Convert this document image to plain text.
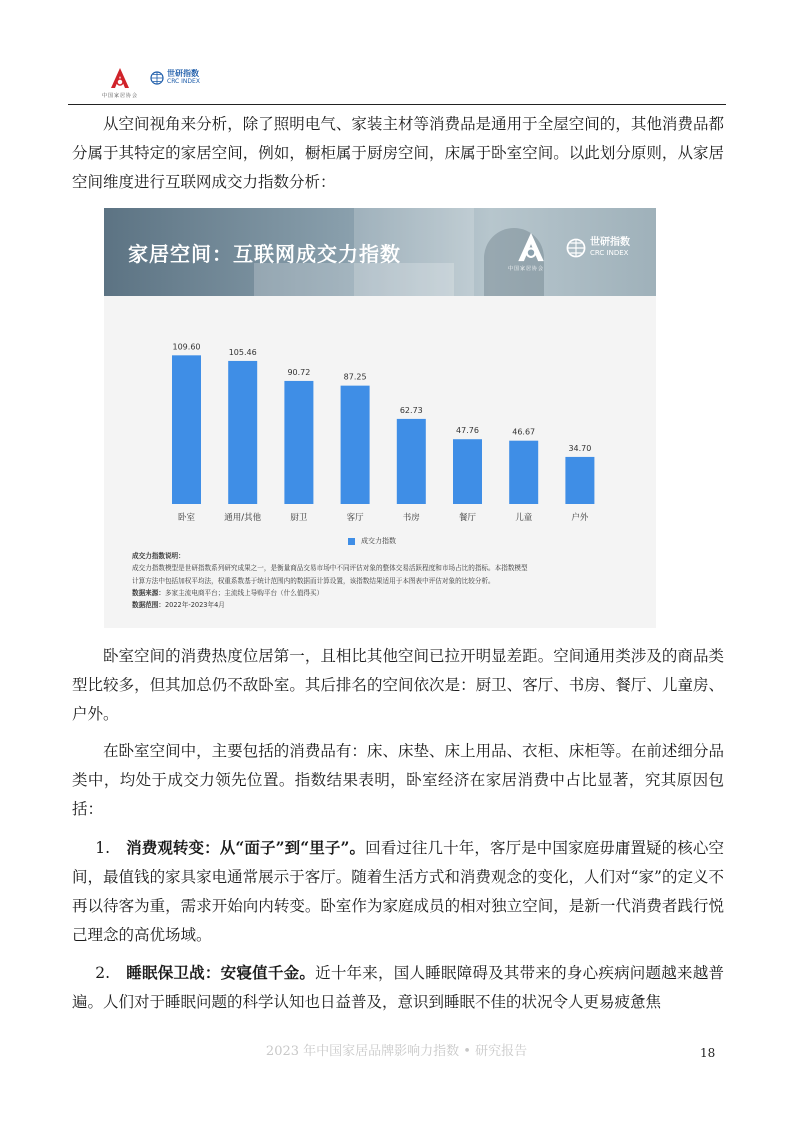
中国家居协会
世研指数
CRC INDEX

从空间视角来分析，除了照明电气、家装主材等消费品是通用于全屋空间的，其他消费品都分属于其特定的家居空间，例如，橱柜属于厨房空间，床属于卧室空间。以此划分原则，从家居空间维度进行互联网成交力指数分析：

家居空间：互联网成交力指数
中国家居协会
世研指数
CRC INDEX
109.60
卧室
105.46
通用/其他
90.72
厨卫
87.25
客厅
62.73
书房
47.76
餐厅
46.67
儿童
34.70
户外
成交力指数
成交力指数说明：
成交力指数模型是世研指数系列研究成果之一，是衡量商品交易市场中不同评估对象的整体交易活跃程度和市场占比的指标。本指数模型
计算方法中包括加权平均法，权重系数基于统计范围内的数据而计算设置，该指数结果适用于本图表中评估对象的比较分析。
数据来源：多家主流电商平台；主流线上导购平台（什么值得买）
数据范围：2022年-2023年4月

卧室空间的消费热度位居第一，且相比其他空间已拉开明显差距。空间通用类涉及的商品类型比较多，但其加总仍不敌卧室。其后排名的空间依次是：厨卫、客厅、书房、餐厅、儿童房、户外。

在卧室空间中，主要包括的消费品有：床、床垫、床上用品、衣柜、床柜等。在前述细分品类中，均处于成交力领先位置。指数结果表明，卧室经济在家居消费中占比显著，究其原因包括：

1. 消费观转变：从“面子”到“里子”。回看过往几十年，客厅是中国家庭毋庸置疑的核心空间，最值钱的家具家电通常展示于客厅。随着生活方式和消费观念的变化，人们对“家”的定义不再以待客为重，需求开始向内转变。卧室作为家庭成员的相对独立空间，是新一代消费者践行悦己理念的高优场域。

2. 睡眠保卫战：安寝值千金。近十年来，国人睡眠障碍及其带来的身心疾病问题越来越普遍。人们对于睡眠问题的科学认知也日益普及，意识到睡眠不佳的状况令人更易疲惫焦

2023 年中国家居品牌影响力指数 • 研究报告	18
